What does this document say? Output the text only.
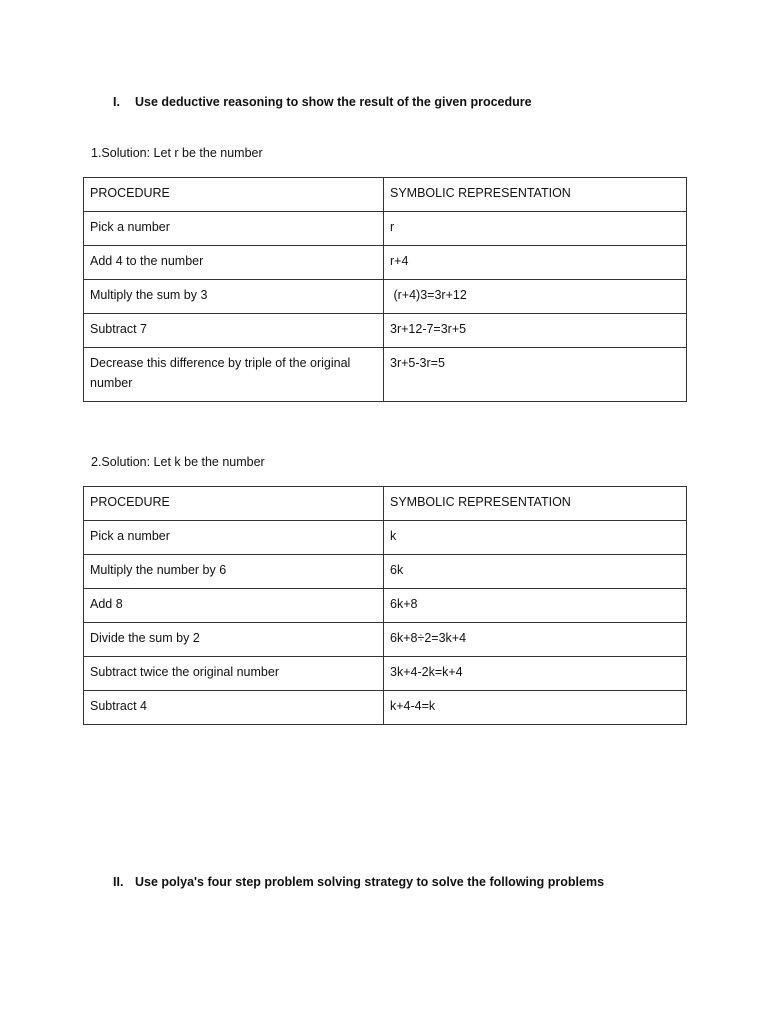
I.	Use deductive reasoning to show the result of the given procedure
1.Solution: Let r be the number
PROCEDURE	SYMBOLIC REPRESENTATION
Pick a number	r
Add 4 to the number	r+4
Multiply the sum by 3	(r+4)3=3r+12
Subtract 7	3r+12-7=3r+5
Decrease this difference by triple of the original number	3r+5-3r=5
2.Solution: Let k be the number
PROCEDURE	SYMBOLIC REPRESENTATION
Pick a number	k
Multiply the number by 6	6k
Add 8	6k+8
Divide the sum by 2	6k+8÷2=3k+4
Subtract twice the original number	3k+4-2k=k+4
Subtract 4	k+4-4=k
II. Use polya's four step problem solving strategy to solve the following problems
